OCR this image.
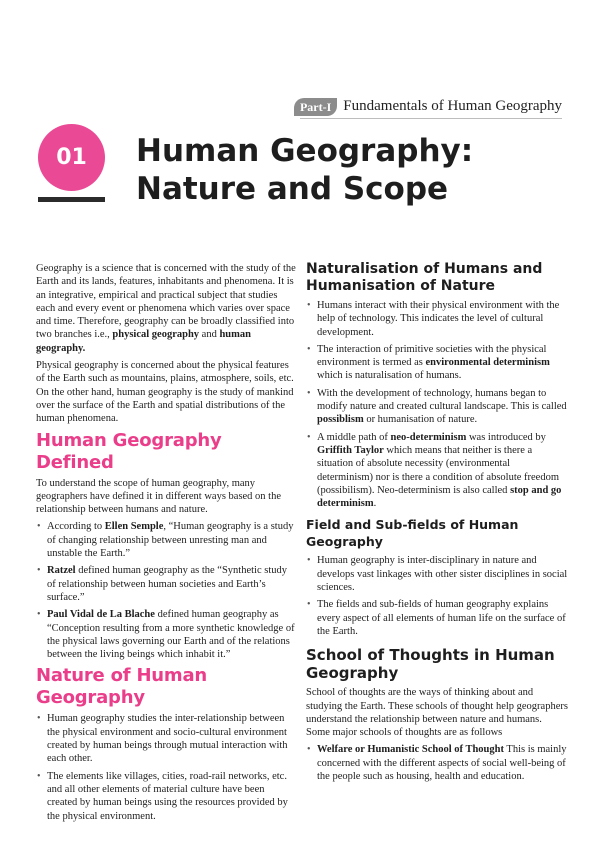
Part-I Fundamentals of Human Geography
01	Human Geography:
Nature and Scope

Geography is a science that is concerned with the study of the Earth and its lands, features, inhabitants and phenomena. It is an integrative, empirical and practical subject that studies each and every event or phenomena which varies over space and time. Therefore, geography can be broadly classified into two branches i.e., physical geography and human geography.

Physical geography is concerned about the physical features of the Earth such as mountains, plains, atmosphere, soils, etc. On the other hand, human geography is the study of mankind over the surface of the Earth and spatial distributions of the human phenomena.

Human Geography Defined

To understand the scope of human geography, many geographers have defined it in different ways based on the relationship between humans and nature.

• According to Ellen Semple, “Human geography is a study of changing relationship between unresting man and unstable the Earth.”
• Ratzel defined human geography as the “Synthetic study of relationship between human societies and Earth’s surface.”
• Paul Vidal de La Blache defined human geography as “Conception resulting from a more synthetic knowledge of the physical laws governing our Earth and of the relations between the living beings which inhabit it.”
Nature of Human Geography
• Human geography studies the inter-relationship between the physical environment and socio-cultural environment created by human beings through mutual interaction with each other.
• The elements like villages, cities, road-rail networks, etc. and all other elements of material culture have been created by human beings using the resources provided by the physical environment.
Naturalisation of Humans and Humanisation of Nature
• Humans interact with their physical environment with the help of technology. This indicates the level of cultural development.
• The interaction of primitive societies with the physical environment is termed as environmental determinism which is naturalisation of humans.
• With the development of technology, humans began to modify nature and created cultural landscape. This is called possiblism or humanisation of nature.
• A middle path of neo-determinism was introduced by Griffith Taylor which means that neither is there a situation of absolute necessity (environmental determinism) nor is there a condition of absolute freedom (possibilism). Neo-determinism is also called stop and go determinism.
Field and Sub-fields of Human Geography
• Human geography is inter-disciplinary in nature and develops vast linkages with other sister disciplines in social sciences.
• The fields and sub-fields of human geography explains every aspect of all elements of human life on the surface of the Earth.
School of Thoughts in Human Geography

School of thoughts are the ways of thinking about and studying the Earth. These schools of thought help geographers understand the relationship between nature and humans. Some major schools of thoughts are as follows

• Welfare or Humanistic School of Thought This is mainly concerned with the different aspects of social well-being of the people such as housing, health and education.
